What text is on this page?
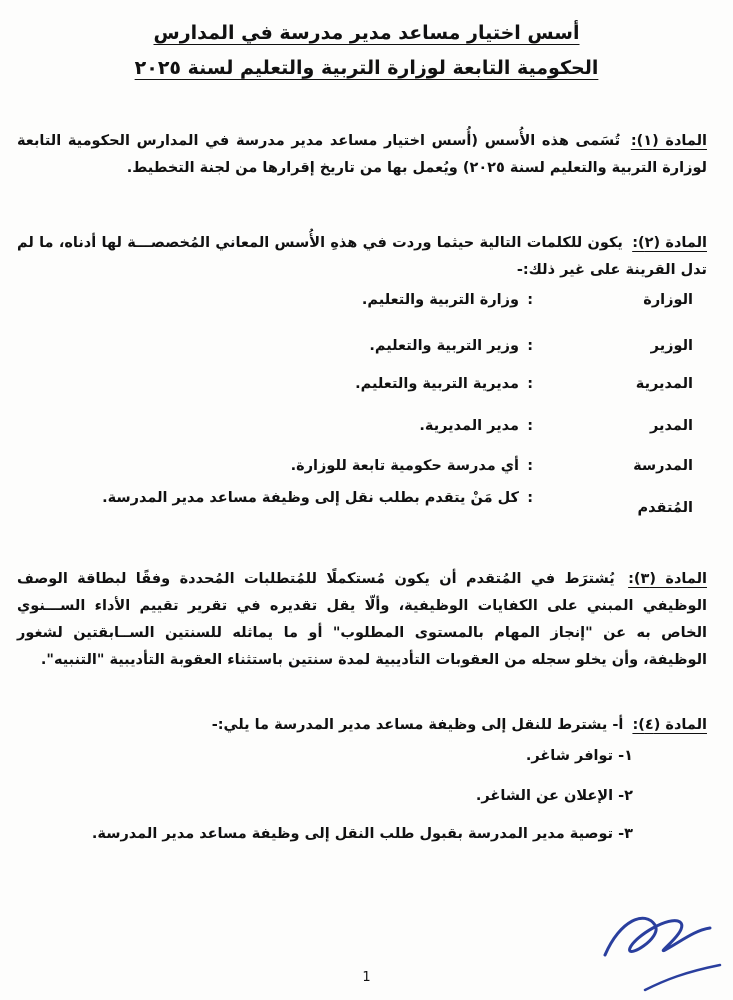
أسس اختيار مساعد مدير مدرسة في المدارس
الحكومية التابعة لوزارة التربية والتعليم لسنة ٢٠٢٥
المادة (١): تُسَمى هذه الأُسس (أُسس اختيار مساعد مدير مدرسة في المدارس الحكومية التابعة لوزارة التربية والتعليم لسنة ٢٠٢٥) ويُعمل بها من تاريخ إقرارها من لجنة التخطيط.
المادة (٢): يكون للكلمات التالية حيثما وردت في هذهِ الأُسس المعاني المُخصصـــة لها أدناه، ما لم تدل القرينة على غير ذلك:-
الوزارة
:
وزارة التربية والتعليم.
الوزير
:
وزير التربية والتعليم.
المديرية
:
مديرية التربية والتعليم.
المدير
:
مدير المديرية.
المدرسة
:
أي مدرسة حكومية تابعة للوزارة.
المُتقدم
:
كل مَنْ يتقدم بطلب نقل إلى وظيفة مساعد مدير المدرسة.
المادة (٣): يُشترَط في المُتقدم أن يكون مُستكملًا للمُتطلبات المُحددة وفقًا لبطاقة الوصف الوظيفي المبني على الكفايات الوظيفية، وألّا يقل تقديره في تقرير تقييم الأداء الســـنوي الخاص به عن "إنجاز المهام بالمستوى المطلوب" أو ما يماثله للسنتين الســابقتين لشغور الوظيفة، وأن يخلو سجله من العقوبات التأديبية لمدة سنتين باستثناء العقوبة التأديبية "التنبيه".
المادة (٤): أ- يشترط للنقل إلى وظيفة مساعد مدير المدرسة ما يلي:-
١- توافر شاغر.
٢- الإعلان عن الشاغر.
٣- توصية مدير المدرسة بقبول طلب النقل إلى وظيفة مساعد مدير المدرسة.
1
